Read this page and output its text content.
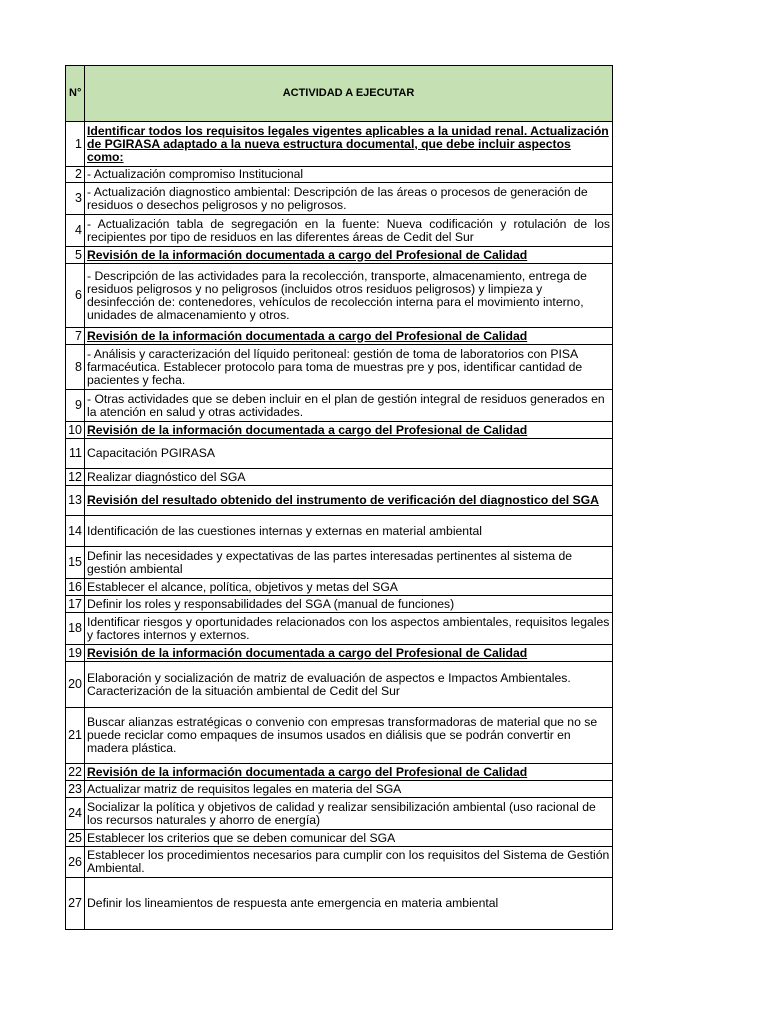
N°	ACTIVIDAD A EJECUTAR
1	Identificar todos los requisitos legales vigentes aplicables a la unidad renal. Actualización de PGIRASA adaptado a la nueva estructura documental, que debe incluir aspectos como:
2	- Actualización compromiso Institucional
3	- Actualización diagnostico ambiental: Descripción de las áreas o procesos de generación de residuos o desechos peligrosos y no peligrosos.
4	- Actualización tabla de segregación en la fuente: Nueva codificación y rotulación de los recipientes por tipo de residuos en las diferentes áreas de Cedit del Sur
5	Revisión de la información documentada a cargo del Profesional de Calidad
6	- Descripción de las actividades para la recolección, transporte, almacenamiento, entrega de residuos peligrosos y no peligrosos (incluidos otros residuos peligrosos) y limpieza y desinfección de: contenedores, vehículos de recolección interna para el movimiento interno, unidades de almacenamiento y otros.
7	Revisión de la información documentada a cargo del Profesional de Calidad
8	- Análisis y caracterización del líquido peritoneal: gestión de toma de laboratorios con PISA farmacéutica. Establecer protocolo para toma de muestras pre y pos, identificar cantidad de pacientes y fecha.
9	- Otras actividades que se deben incluir en el plan de gestión integral de residuos generados en la atención en salud y otras actividades.
10	Revisión de la información documentada a cargo del Profesional de Calidad
11	Capacitación PGIRASA
12	Realizar diagnóstico del SGA
13	Revisión del resultado obtenido del instrumento de verificación del diagnostico del SGA
14	Identificación de las cuestiones internas y externas en material ambiental
15	Definir las necesidades y expectativas de las partes interesadas pertinentes al sistema de gestión ambiental
16	Establecer el alcance, política, objetivos y metas del SGA
17	Definir los roles y responsabilidades del SGA (manual de funciones)
18	Identificar riesgos y oportunidades relacionados con los aspectos ambientales, requisitos legales y factores internos y externos.
19	Revisión de la información documentada a cargo del Profesional de Calidad
20	Elaboración y socialización de matriz de evaluación de aspectos e Impactos Ambientales. Caracterización de la situación ambiental de Cedit del Sur
21	Buscar alianzas estratégicas o convenio con empresas transformadoras de material que no se puede reciclar como empaques de insumos usados en diálisis que se podrán convertir en madera plástica.
22	Revisión de la información documentada a cargo del Profesional de Calidad
23	Actualizar matriz de requisitos legales en materia del SGA
24	Socializar la política y objetivos de calidad y realizar sensibilización ambiental (uso racional de los recursos naturales y ahorro de energía)
25	Establecer los criterios que se deben comunicar del SGA
26	Establecer los procedimientos necesarios para cumplir con los requisitos del Sistema de Gestión Ambiental.
27	Definir los lineamientos de respuesta ante emergencia en materia ambiental
